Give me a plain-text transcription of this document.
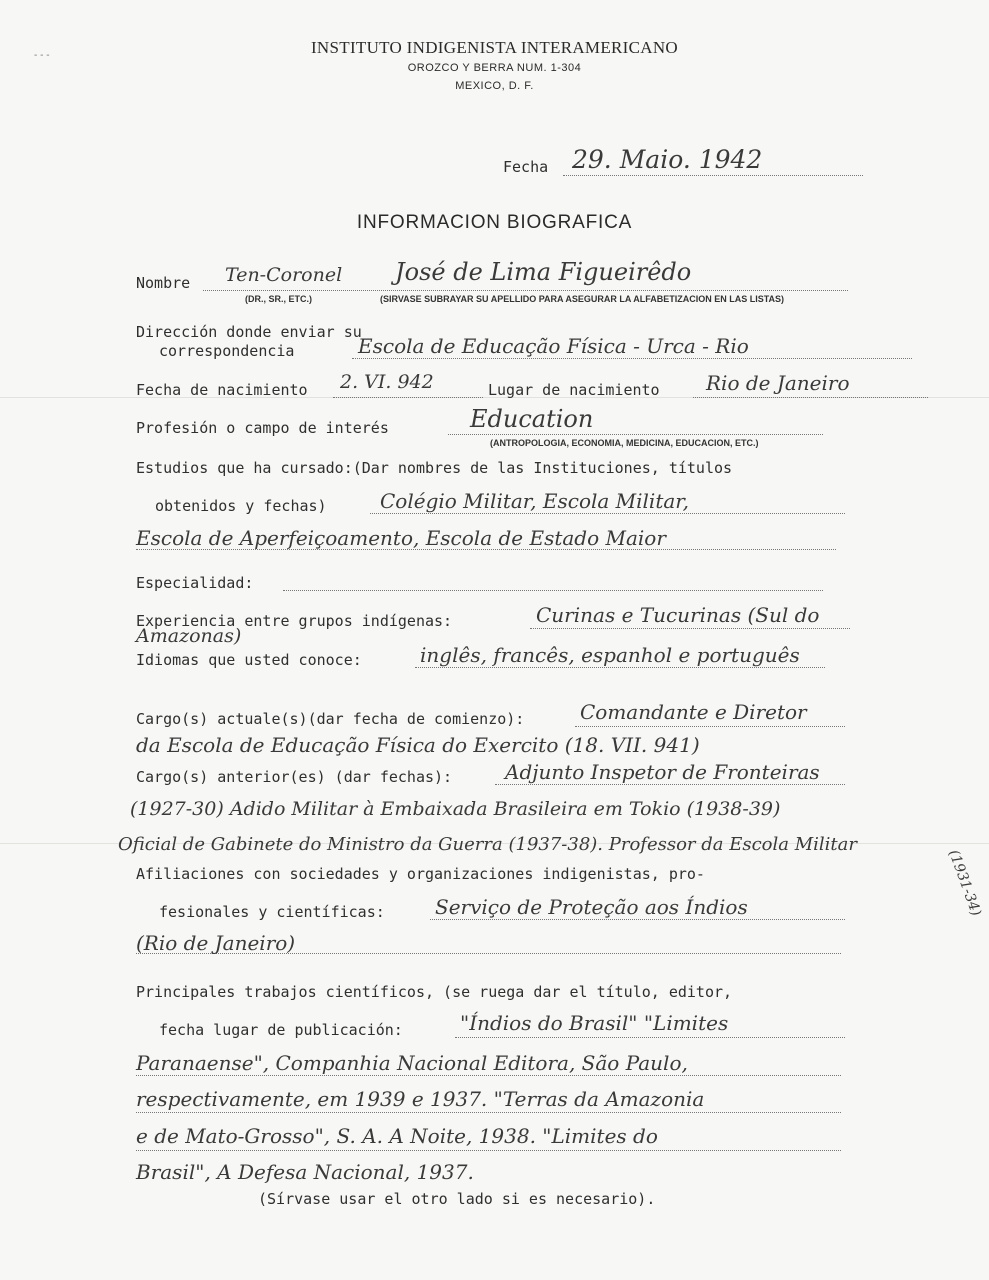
- - -	INSTITUTO INDIGENISTA INTERAMERICANO
OROZCO Y BERRA NUM. 1-304
MEXICO, D. F.
Fecha 29. Maio. 1942
INFORMACION BIOGRAFICA
Nombre Ten-Coronel José de Lima Figueirêdo
(DR., SR., ETC.)	(SIRVASE SUBRAYAR SU APELLIDO PARA ASEGURAR LA ALFABETIZACION EN LAS LISTAS)
Dirección donde enviar su
correspondencia	Escola de Educação Física - Urca - Rio
Fecha de nacimiento 2. VI. 942	Lugar de nacimiento Rio de Janeiro
Profesión o campo de interés	Education
(ANTROPOLOGIA, ECONOMIA, MEDICINA, EDUCACION, ETC.)
Estudios que ha cursado:(Dar nombres de las Instituciones, títulos
obtenidos y fechas)	Colégio Militar, Escola Militar,
Escola de Aperfeiçoamento, Escola de Estado Maior
Especialidad:
Experiencia entre grupos indígenas:	Curinas e Tucurinas (Sul do
Amazonas)
Idiomas que usted conoce:	inglês, francês, espanhol e português
Cargo(s) actuale(s)(dar fecha de comienzo):	Comandante e Diretor
da Escola de Educação Física do Exercito (18. VII. 941)
Cargo(s) anterior(es) (dar fechas):	Adjunto Inspetor de Fronteiras
(1927-30) Adido Militar à Embaixada Brasileira em Tokio (1938-39)
Oficial de Gabinete do Ministro da Guerra (1937-38). Professor da Escola Militar
(1931-34)
Afiliaciones con sociedades y organizaciones indigenistas, pro-
fesionales y científicas:	Serviço de Proteção aos Índios
(Rio de Janeiro)
Principales trabajos científicos, (se ruega dar el título, editor,
fecha lugar de publicación:	"Índios do Brasil" "Limites
Paranaense", Companhia Nacional Editora, São Paulo,
respectivamente, em 1939 e 1937. "Terras da Amazonia
e de Mato-Grosso", S. A. A Noite, 1938. "Limites do
Brasil", A Defesa Nacional, 1937.
(Sírvase usar el otro lado si es necesario).
